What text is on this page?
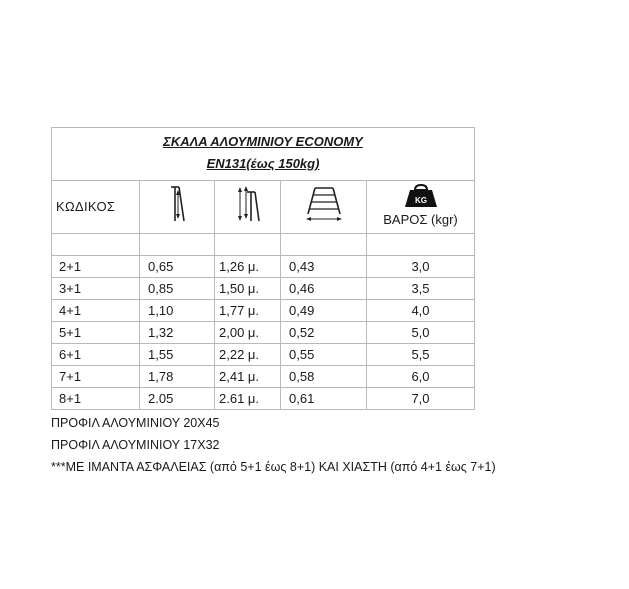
ΣΚΑΛΑ ΑΛΟΥΜΙΝΙΟΥ ECONOMY
EN131(έως 150kg)				

ΚΩΔΙΚΟΣ				KG
ΒΑΡΟΣ (kgr)

2+1	0,65	1,26 μ.	0,43	3,0
3+1	0,85	1,50 μ.	0,46	3,5
4+1	1,10	1,77 μ.	0,49	4,0
5+1	1,32	2,00 μ.	0,52	5,0
6+1	1,55	2,22 μ.	0,55	5,5
7+1	1,78	2,41 μ.	0,58	6,0
8+1	2.05	2.61 μ.	0,61	7,0
ΠΡΟΦΙΛ ΑΛΟΥΜΙΝΙΟΥ 20Χ45
ΠΡΟΦΙΛ ΑΛΟΥΜΙΝΙΟΥ 17Χ32
***ΜΕ ΙΜΑΝΤΑ ΑΣΦΑΛΕΙΑΣ (από 5+1 έως 8+1) ΚΑΙ ΧΙΑΣΤΗ (από 4+1 έως 7+1)
